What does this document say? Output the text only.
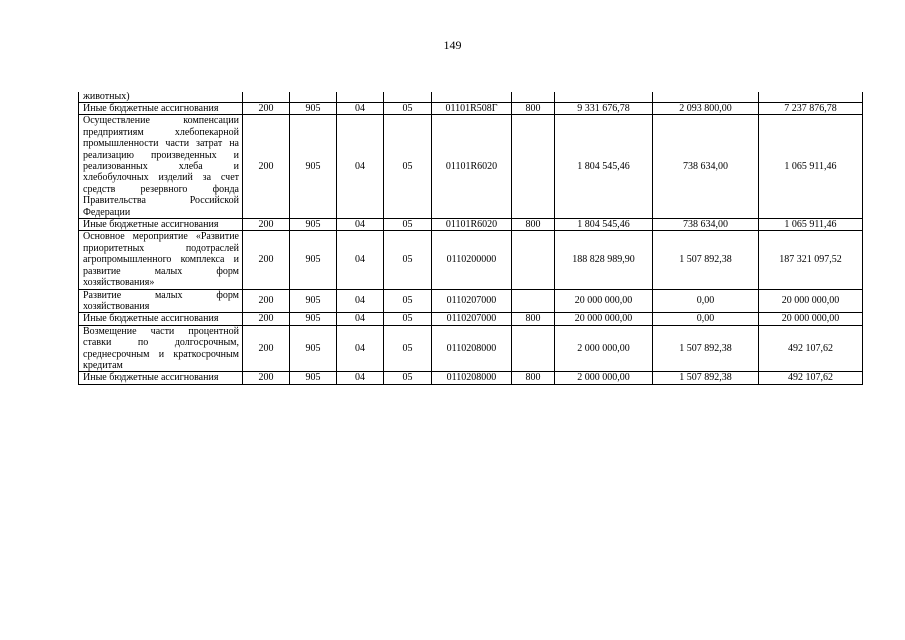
149
животных)									
Иные бюджетные ассигнования	200	905	04	05	01101R508Г	800	9 331 676,78	2 093 800,00	7 237 876,78
Осуществление компенсации предприятиям хлебопекарной промышленности части затрат на реализацию произведенных и реализованных хлеба и хлебобулочных изделий за счет средств резервного фонда Правительства Российской Федерации	200	905	04	05	01101R6020		1 804 545,46	738 634,00	1 065 911,46
Иные бюджетные ассигнования	200	905	04	05	01101R6020	800	1 804 545,46	738 634,00	1 065 911,46
Основное мероприятие «Развитие приоритетных подотраслей агропромышленного комплекса и развитие малых форм хозяйствования»	200	905	04	05	0110200000		188 828 989,90	1 507 892,38	187 321 097,52
Развитие малых форм хозяйствования	200	905	04	05	0110207000		20 000 000,00	0,00	20 000 000,00
Иные бюджетные ассигнования	200	905	04	05	0110207000	800	20 000 000,00	0,00	20 000 000,00
Возмещение части процентной ставки по долгосрочным, среднесрочным и краткосрочным кредитам	200	905	04	05	0110208000		2 000 000,00	1 507 892,38	492 107,62
Иные бюджетные ассигнования	200	905	04	05	0110208000	800	2 000 000,00	1 507 892,38	492 107,62
